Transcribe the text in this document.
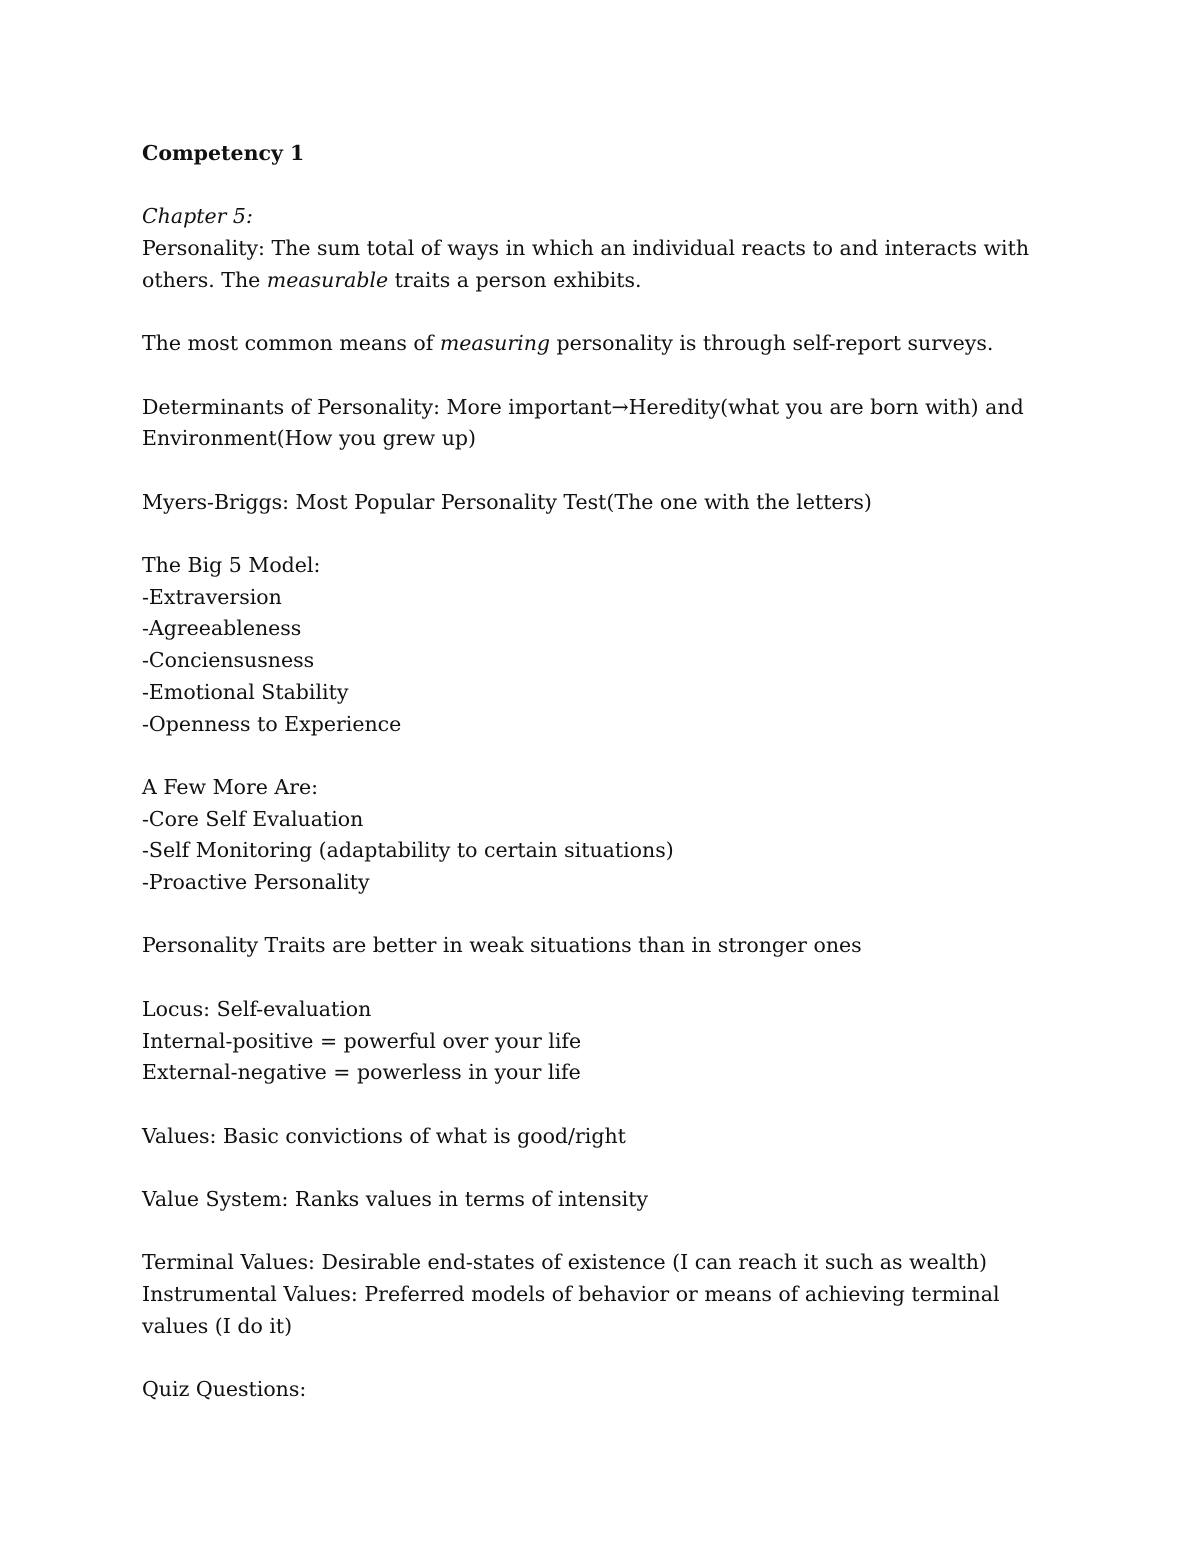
Competency 1
Chapter 5:
Personality: The sum total of ways in which an individual reacts to and interacts with others. The measurable traits a person exhibits.
The most common means of measuring personality is through self-report surveys.
Determinants of Personality: More important→Heredity(what you are born with) and Environment(How you grew up)
Myers-Briggs: Most Popular Personality Test(The one with the letters)
The Big 5 Model:
-Extraversion
-Agreeableness
-Conciensusness
-Emotional Stability
-Openness to Experience
A Few More Are:
-Core Self Evaluation
-Self Monitoring (adaptability to certain situations)
-Proactive Personality
Personality Traits are better in weak situations than in stronger ones
Locus: Self-evaluation
Internal-positive = powerful over your life
External-negative = powerless in your life
Values: Basic convictions of what is good/right
Value System: Ranks values in terms of intensity
Terminal Values: Desirable end-states of existence (I can reach it such as wealth)
Instrumental Values: Preferred models of behavior or means of achieving terminal values (I do it)
Quiz Questions:
